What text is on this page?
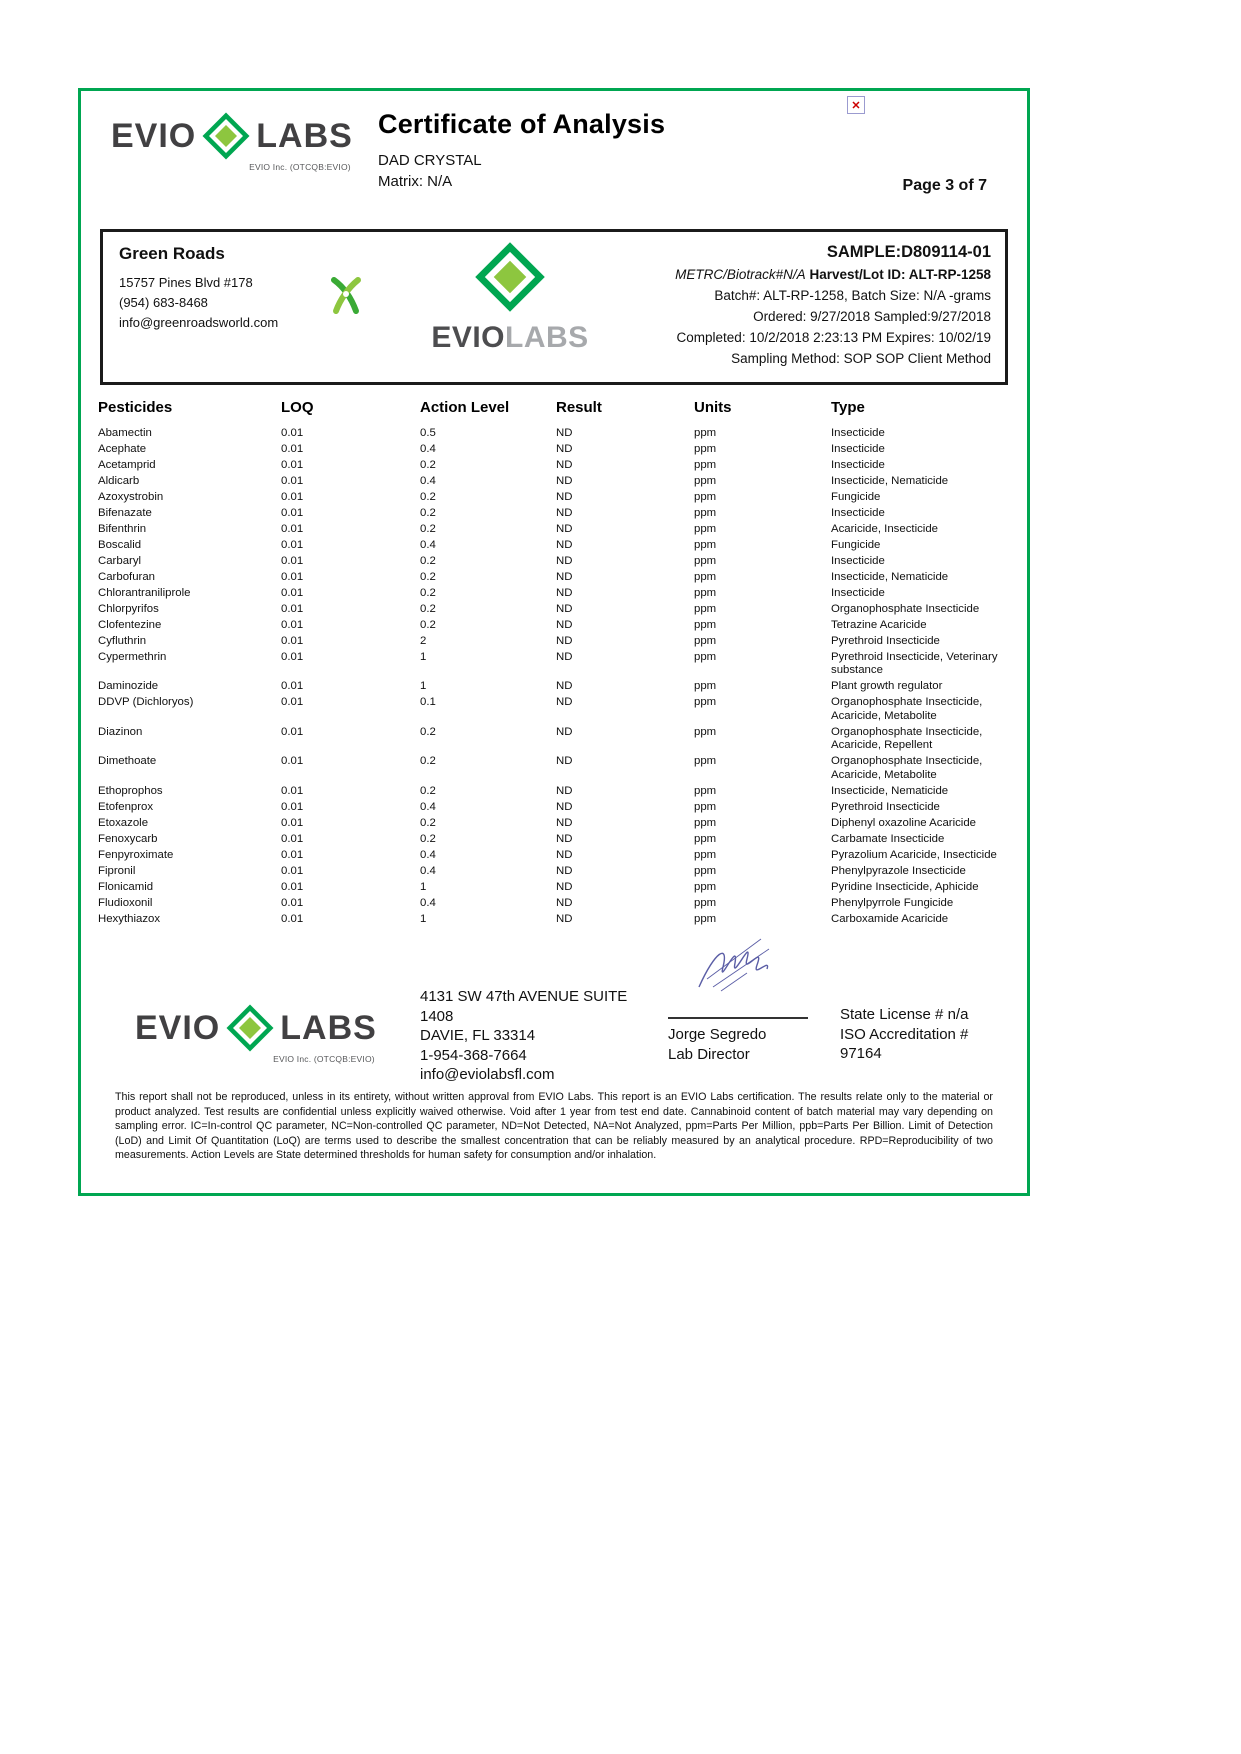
EVIO LABS
EVIO Inc. (OTCQB:EVIO)
Certificate of Analysis
DAD CRYSTAL
Matrix: N/A
✕
Page 3 of 7
Green Roads
15757 Pines Blvd #178
(954) 683-8468
info@greenroadsworld.com	EVIOLABS
SAMPLE:D809114-01
METRC/Biotrack#N/A Harvest/Lot ID: ALT-RP-1258
Batch#: ALT-RP-1258, Batch Size: N/A -grams
Ordered: 9/27/2018 Sampled:9/27/2018
Completed: 10/2/2018 2:23:13 PM Expires: 10/02/19
Sampling Method: SOP SOP Client Method
Pesticides	LOQ	Action Level	Result	Units	Type
Abamectin	0.01	0.5	ND	ppm	Insecticide
Acephate	0.01	0.4	ND	ppm	Insecticide
Acetamprid	0.01	0.2	ND	ppm	Insecticide
Aldicarb	0.01	0.4	ND	ppm	Insecticide, Nematicide
Azoxystrobin	0.01	0.2	ND	ppm	Fungicide
Bifenazate	0.01	0.2	ND	ppm	Insecticide
Bifenthrin	0.01	0.2	ND	ppm	Acaricide, Insecticide
Boscalid	0.01	0.4	ND	ppm	Fungicide
Carbaryl	0.01	0.2	ND	ppm	Insecticide
Carbofuran	0.01	0.2	ND	ppm	Insecticide, Nematicide
Chlorantraniliprole	0.01	0.2	ND	ppm	Insecticide
Chlorpyrifos	0.01	0.2	ND	ppm	Organophosphate Insecticide
Clofentezine	0.01	0.2	ND	ppm	Tetrazine Acaricide
Cyfluthrin	0.01	2	ND	ppm	Pyrethroid Insecticide
Cypermethrin	0.01	1	ND	ppm	Pyrethroid Insecticide, Veterinary substance
Daminozide	0.01	1	ND	ppm	Plant growth regulator
DDVP (Dichloryos)	0.01	0.1	ND	ppm	Organophosphate Insecticide, Acaricide, Metabolite
Diazinon	0.01	0.2	ND	ppm	Organophosphate Insecticide, Acaricide, Repellent
Dimethoate	0.01	0.2	ND	ppm	Organophosphate Insecticide, Acaricide, Metabolite
Ethoprophos	0.01	0.2	ND	ppm	Insecticide, Nematicide
Etofenprox	0.01	0.4	ND	ppm	Pyrethroid Insecticide
Etoxazole	0.01	0.2	ND	ppm	Diphenyl oxazoline Acaricide
Fenoxycarb	0.01	0.2	ND	ppm	Carbamate Insecticide
Fenpyroximate	0.01	0.4	ND	ppm	Pyrazolium Acaricide, Insecticide
Fipronil	0.01	0.4	ND	ppm	Phenylpyrazole Insecticide
Flonicamid	0.01	1	ND	ppm	Pyridine Insecticide, Aphicide
Fludioxonil	0.01	0.4	ND	ppm	Phenylpyrrole Fungicide
Hexythiazox	0.01	1	ND	ppm	Carboxamide Acaricide
Jorge Segredo
Lab Director
EVIO LABS
EVIO Inc. (OTCQB:EVIO)
4131 SW 47th AVENUE SUITE 1408
DAVIE, FL 33314
1-954-368-7664
info@eviolabsfl.com
State License # n/a
ISO Accreditation #
97164

This report shall not be reproduced, unless in its entirety, without written approval from EVIO Labs. This report is an EVIO Labs certification. The results relate only to the material or product analyzed. Test results are confidential unless explicitly waived otherwise. Void after 1 year from test end date. Cannabinoid content of batch material may vary depending on sampling error. IC=In-control QC parameter, NC=Non-controlled QC parameter, ND=Not Detected, NA=Not Analyzed, ppm=Parts Per Million, ppb=Parts Per Billion. Limit of Detection (LoD) and Limit Of Quantitation (LoQ) are terms used to describe the smallest concentration that can be reliably measured by an analytical procedure. RPD=Reproducibility of two measurements. Action Levels are State determined thresholds for human safety for consumption and/or inhalation.
